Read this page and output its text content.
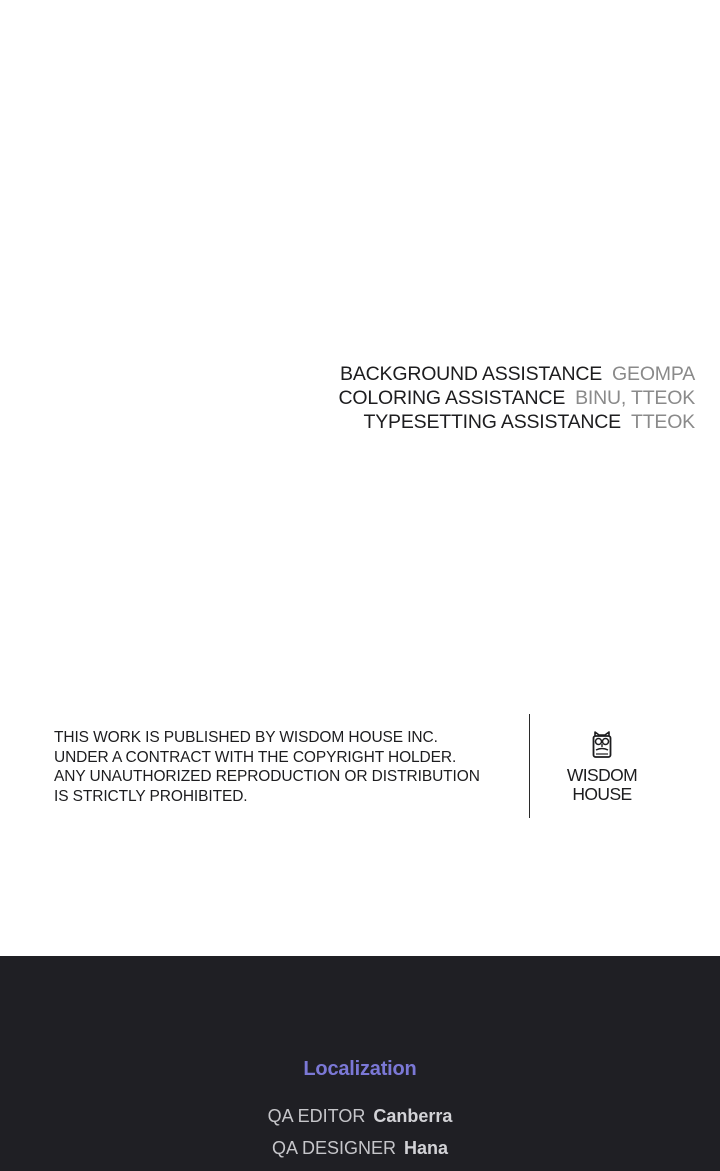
BACKGROUND ASSISTANCE GEOMPA
COLORING ASSISTANCE BINU, TTEOK
TYPESETTING ASSISTANCE TTEOK
THIS WORK IS PUBLISHED BY WISDOM HOUSE INC.
UNDER A CONTRACT WITH THE COPYRIGHT HOLDER.
ANY UNAUTHORIZED REPRODUCTION OR DISTRIBUTION
IS STRICTLY PROHIBITED.
WISDOM
HOUSE
Localization
QA EDITOR Canberra
QA DESIGNER Hana
